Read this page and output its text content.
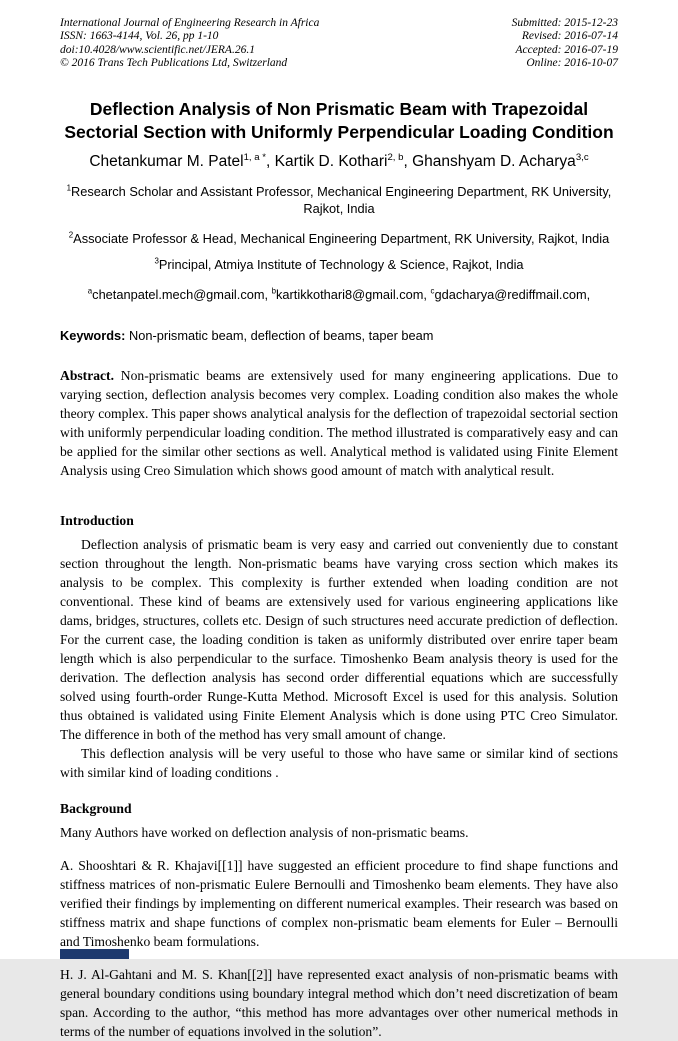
International Journal of Engineering Research in Africa
ISSN: 1663-4144, Vol. 26, pp 1-10
doi:10.4028/www.scientific.net/JERA.26.1
© 2016 Trans Tech Publications Ltd, Switzerland
Submitted: 2015-12-23
Revised: 2016-07-14
Accepted: 2016-07-19
Online: 2016-10-07
Deflection Analysis of Non Prismatic Beam with Trapezoidal Sectorial Section with Uniformly Perpendicular Loading Condition
Chetankumar M. Patel$^{1, a *}$, Kartik D. Kothari$^{2, b}$, Ghanshyam D. Acharya$^{3,c}$
$^1$Research Scholar and Assistant Professor, Mechanical Engineering Department, RK University, Rajkot, India
$^2$Associate Professor & Head, Mechanical Engineering Department, RK University, Rajkot, India
$^3$Principal, Atmiya Institute of Technology & Science, Rajkot, India
$^a$chetanpatel.mech@gmail.com, $^b$kartikkothari8@gmail.com, $^c$gdacharya@rediffmail.com,
Keywords: Non-prismatic beam, deflection of beams, taper beam

Abstract. Non-prismatic beams are extensively used for many engineering applications. Due to varying section, deflection analysis becomes very complex. Loading condition also makes the whole theory complex. This paper shows analytical analysis for the deflection of trapezoidal sectorial section with uniformly perpendicular loading condition. The method illustrated is comparatively easy and can be applied for the similar other sections as well. Analytical method is validated using Finite Element Analysis using Creo Simulation which shows good amount of match with analytical result.

Introduction

Deflection analysis of prismatic beam is very easy and carried out conveniently due to constant section throughout the length. Non-prismatic beams have varying cross section which makes its analysis to be complex. This complexity is further extended when loading condition are not conventional. These kind of beams are extensively used for various engineering applications like dams, bridges, structures, collets etc. Design of such structures need accurate prediction of deflection. For the current case, the loading condition is taken as uniformly distributed over enrire taper beam length which is also perpendicular to the surface. Timoshenko Beam analysis theory is used for the derivation. The deflection analysis has second order differential equations which are successfully solved using fourth-order Runge-Kutta Method. Microsoft Excel is used for this analysis. Solution thus obtained is validated using Finite Element Analysis which is done using PTC Creo Simulator. The difference in both of the method has very small amount of change.

This deflection analysis will be very useful to those who have same or similar kind of sections with similar kind of loading conditions .

Background

Many Authors have worked on deflection analysis of non-prismatic beams.

A. Shooshtari & R. Khajavi[[1]] have suggested an efficient procedure to find shape functions and stiffness matrices of non-prismatic Eulere Bernoulli and Timoshenko beam elements. They have also verified their findings by implementing on different numerical examples. Their research was based on stiffness matrix and shape functions of complex non-prismatic beam elements for Euler – Bernoulli and Timoshenko beam formulations.

H. J. Al-Gahtani and M. S. Khan[[2]] have represented exact analysis of non-prismatic beams with general boundary conditions using boundary integral method which don’t need discretization of beam span. According to the author, “this method has more advantages over other numerical methods in terms of the number of equations involved in the solution”.
